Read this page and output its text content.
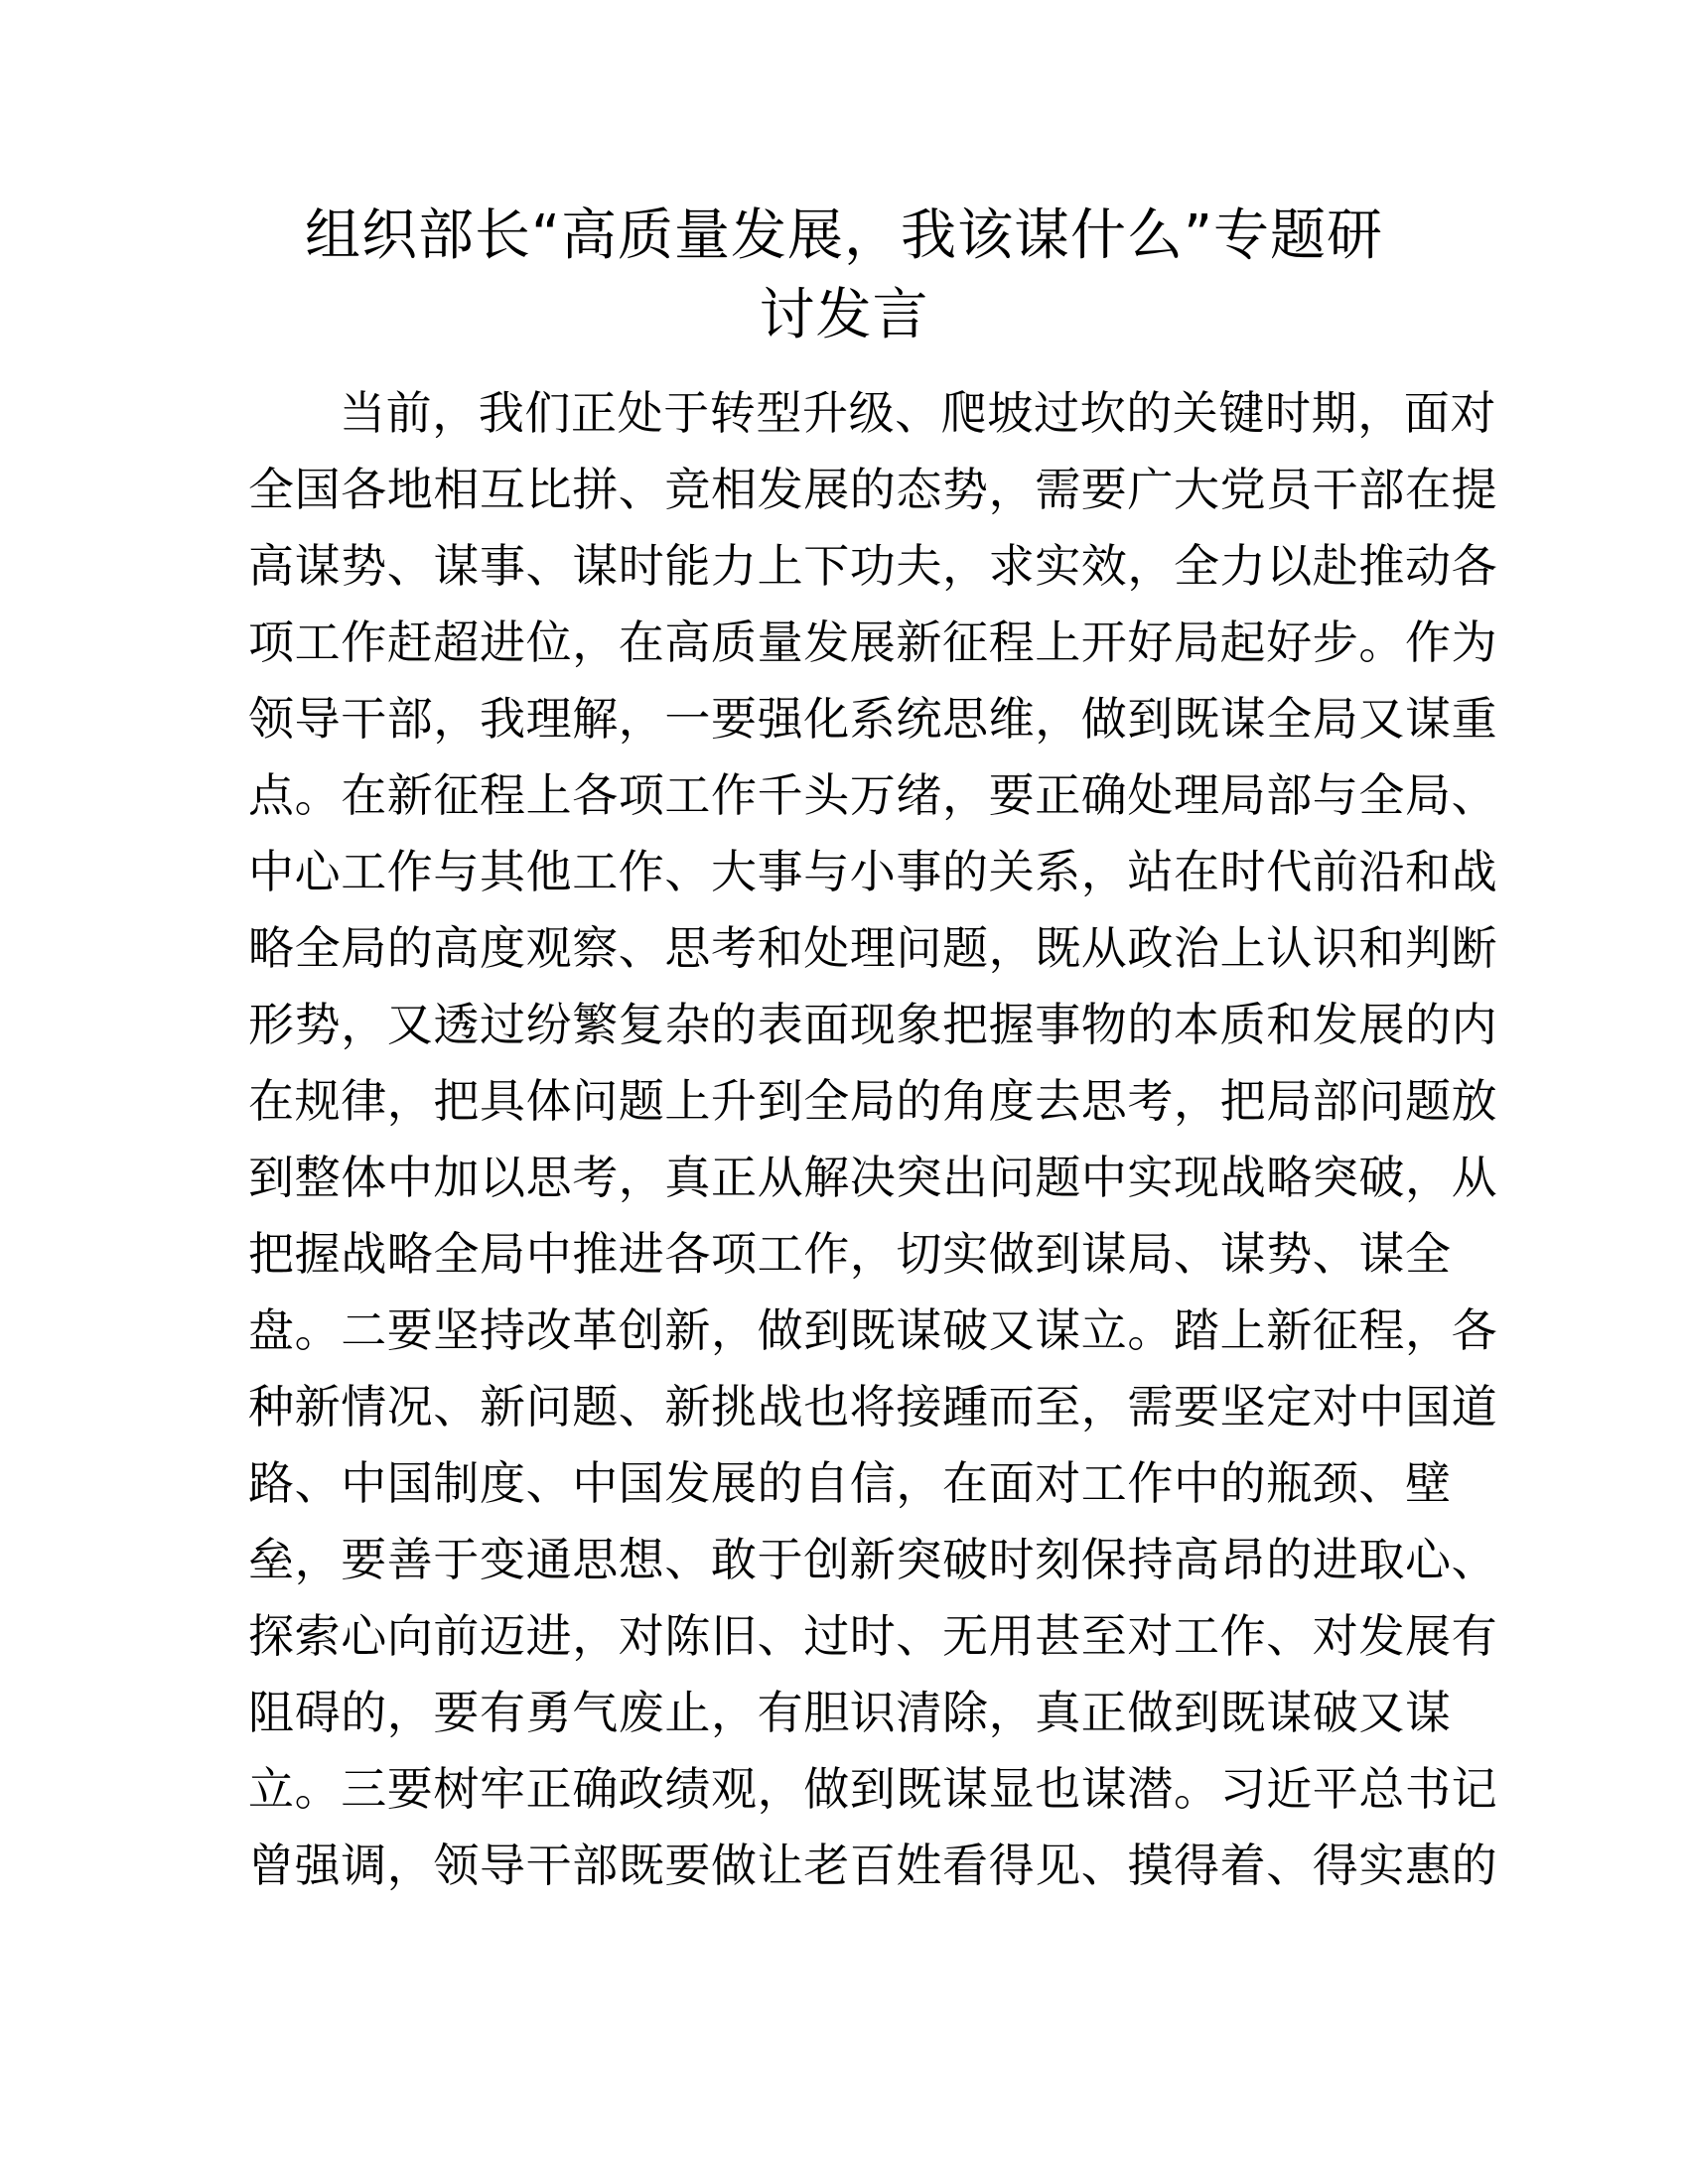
组织部长“高质量发展，我该谋什么”专题研
讨发言
当前，我们正处于转型升级、爬坡过坎的关键时期，面对
全国各地相互比拼、竞相发展的态势，需要广大党员干部在提
高谋势、谋事、谋时能力上下功夫，求实效，全力以赴推动各
项工作赶超进位，在高质量发展新征程上开好局起好步。作为
领导干部，我理解，一要强化系统思维，做到既谋全局又谋重
点。在新征程上各项工作千头万绪，要正确处理局部与全局、
中心工作与其他工作、大事与小事的关系，站在时代前沿和战
略全局的高度观察、思考和处理问题，既从政治上认识和判断
形势，又透过纷繁复杂的表面现象把握事物的本质和发展的内
在规律，把具体问题上升到全局的角度去思考，把局部问题放
到整体中加以思考，真正从解决突出问题中实现战略突破，从
把握战略全局中推进各项工作，切实做到谋局、谋势、谋全
盘。二要坚持改革创新，做到既谋破又谋立。踏上新征程，各
种新情况、新问题、新挑战也将接踵而至，需要坚定对中国道
路、中国制度、中国发展的自信，在面对工作中的瓶颈、壁
垒，要善于变通思想、敢于创新突破时刻保持高昂的进取心、
探索心向前迈进，对陈旧、过时、无用甚至对工作、对发展有
阻碍的，要有勇气废止，有胆识清除，真正做到既谋破又谋
立。三要树牢正确政绩观，做到既谋显也谋潜。习近平总书记
曾强调，领导干部既要做让老百姓看得见、摸得着、得实惠的
